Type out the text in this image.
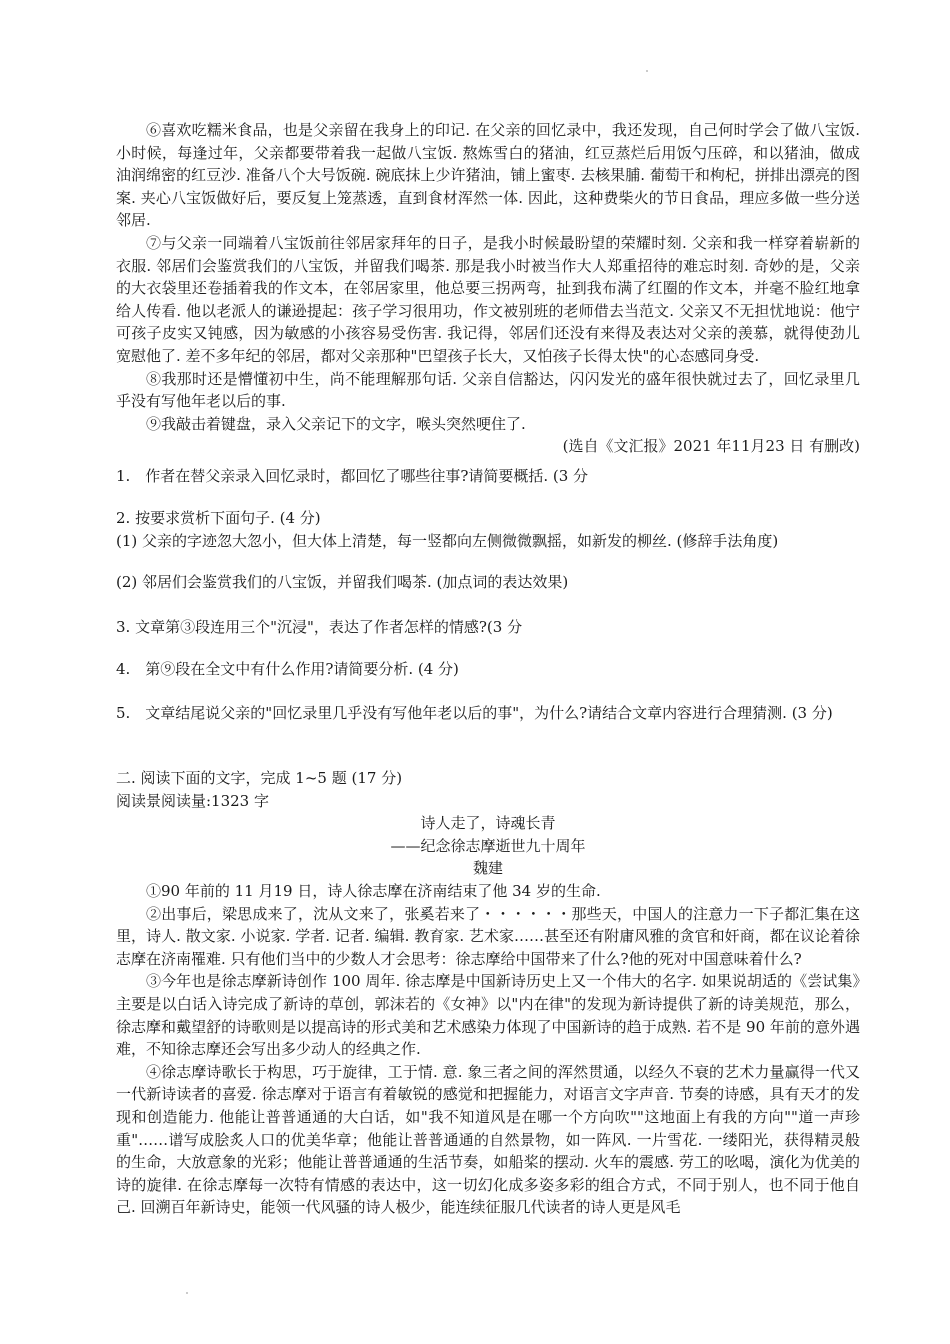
⑥喜欢吃糯米食品，也是父亲留在我身上的印记. 在父亲的回忆录中，我还发现，自己何时学会了做八宝饭. 小时候，每逢过年，父亲都要带着我一起做八宝饭. 熬炼雪白的猪油，红豆蒸烂后用饭勺压碎，和以猪油，做成油润绵密的红豆沙. 准备八个大号饭碗. 碗底抹上少许猪油，铺上蜜枣. 去核果脯. 葡萄干和枸杞，拼排出漂亮的图案. 夹心八宝饭做好后，要反复上笼蒸透，直到食材浑然一体. 因此，这种费柴火的节日食品，理应多做一些分送邻居.

⑦与父亲一同端着八宝饭前往邻居家拜年的日子，是我小时候最盼望的荣耀时刻. 父亲和我一样穿着崭新的衣服. 邻居们会鉴赏我们的八宝饭，并留我们喝茶. 那是我小时被当作大人郑重招待的难忘时刻. 奇妙的是，父亲的大衣袋里还卷插着我的作文本，在邻居家里，他总要三拐两弯，扯到我布满了红圈的作文本，并毫不脸红地拿给人传看. 他以老派人的谦逊提起：孩子学习很用功，作文被别班的老师借去当范文. 父亲又不无担忧地说：他宁可孩子皮实又钝感，因为敏感的小孩容易受伤害. 我记得，邻居们还没有来得及表达对父亲的羡慕，就得使劲儿宽慰他了. 差不多年纪的邻居，都对父亲那种"巴望孩子长大，又怕孩子长得太快"的心态感同身受.

⑧我那时还是懵懂初中生，尚不能理解那句话. 父亲自信豁达，闪闪发光的盛年很快就过去了，回忆录里几乎没有写他年老以后的事.

⑨我敲击着键盘，录入父亲记下的文字，喉头突然哽住了.

(选自《文汇报》2021 年11月23 日 有删改)

1.　作者在替父亲录入回忆录时，都回忆了哪些往事?请简要概括. (3 分

2. 按要求赏析下面句子. (4 分)

(1) 父亲的字迹忽大忽小，但大体上清楚，每一竖都向左侧微微飘摇，如新发的柳丝. (修辞手法角度)

(2) 邻居们会鉴赏我们的八宝饭，并留我们喝茶. (加点词的表达效果)

3. 文章第③段连用三个"沉浸"，表达了作者怎样的情感?(3 分

4.　第⑨段在全文中有什么作用?请简要分析. (4 分)

5.　文章结尾说父亲的"回忆录里几乎没有写他年老以后的事"，为什么?请结合文章内容进行合理猜测. (3 分)

二. 阅读下面的文字，完成 1~5 题 (17 分)

阅读景阅读量:1323 字

诗人走了，诗魂长青

——纪念徐志摩逝世九十周年

魏建

①90 年前的 11 月19 日，诗人徐志摩在济南结束了他 34 岁的生命.

②出事后，梁思成来了，沈从文来了，张奚若来了・・・・・・那些天，中国人的注意力一下子都汇集在这里，诗人. 散文家. 小说家. 学者. 记者. 编辑. 教育家. 艺术家……甚至还有附庸风雅的贪官和奸商，都在议论着徐志摩在济南罹难. 只有他们当中的少数人才会思考：徐志摩给中国带来了什么?他的死对中国意味着什么?

③今年也是徐志摩新诗创作 100 周年. 徐志摩是中国新诗历史上又一个伟大的名字. 如果说胡适的《尝试集》主要是以白话入诗完成了新诗的草创，郭沫若的《女神》以"内在律"的发现为新诗提供了新的诗美规范，那么，徐志摩和戴望舒的诗歌则是以提高诗的形式美和艺术感染力体现了中国新诗的趋于成熟. 若不是 90 年前的意外遇难，不知徐志摩还会写出多少动人的经典之作.

④徐志摩诗歌长于构思，巧于旋律，工于情. 意. 象三者之间的浑然贯通，以经久不衰的艺术力量赢得一代又一代新诗读者的喜爱. 徐志摩对于语言有着敏锐的感觉和把握能力，对语言文字声音. 节奏的诗感，具有天才的发现和创造能力. 他能让普普通通的大白话，如"我不知道风是在哪一个方向吹""这地面上有我的方向""道一声珍重"……谱写成脍炙人口的优美华章；他能让普普通通的自然景物，如一阵风. 一片雪花. 一缕阳光，获得精灵般的生命，大放意象的光彩；他能让普普通通的生活节奏，如船桨的摆动. 火车的震感. 劳工的吆喝，演化为优美的诗的旋律. 在徐志摩每一次特有情感的表达中，这一切幻化成多姿多彩的组合方式，不同于别人，也不同于他自己. 回溯百年新诗史，能领一代风骚的诗人极少，能连续征服几代读者的诗人更是风毛
